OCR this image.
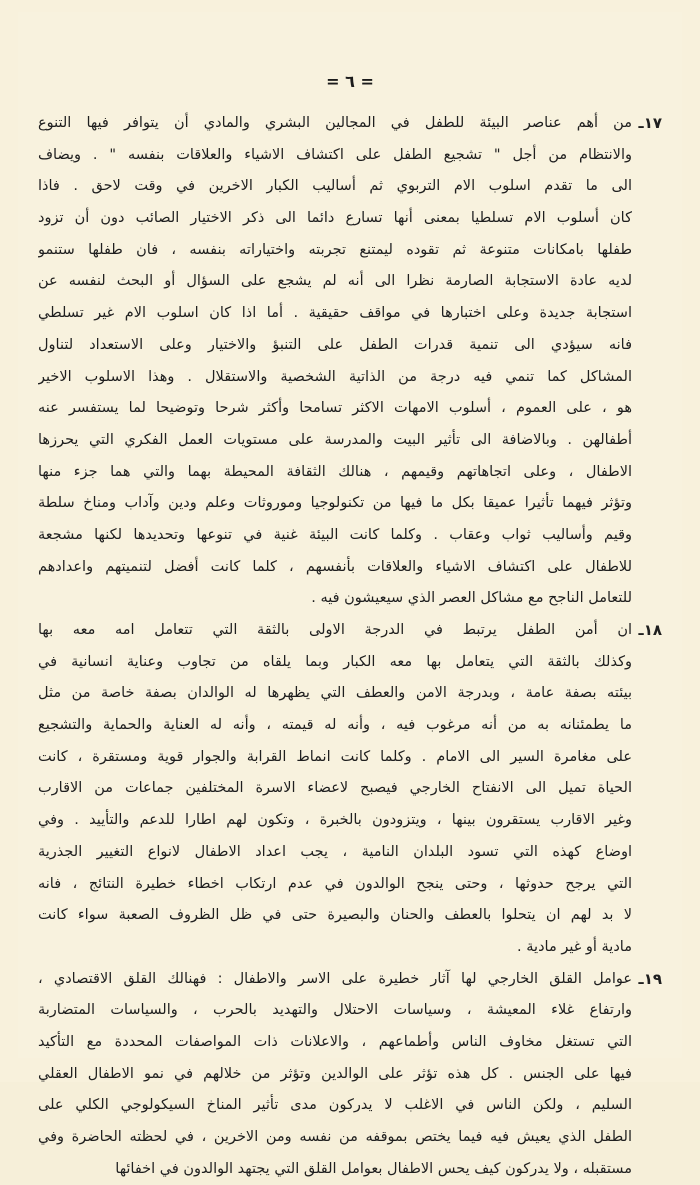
= ٦ =
١٧ـ
من أهم عناصر البيئة للطفل في المجالين البشري والمادي أن يتوافر فيها التنوع
والانتظام من أجل " تشجيع الطفل على اكتشاف الاشياء والعلاقات بنفسه " . ويضاف
الى ما تقدم اسلوب الام التربوي ثم أساليب الكبار الاخرين في وقت لاحق . فاذا
كان أسلوب الام تسلطيا بمعنى أنها تسارع دائما الى ذكر الاختيار الصائب دون أن تزود
طفلها بامكانات متنوعة ثم تقوده ليمتنع تجربته واختياراته بنفسه ، فان طفلها ستنمو
لديه عادة الاستجابة الصارمة نظرا الى أنه لم يشجع على السؤال أو البحث لنفسه عن
استجابة جديدة وعلى اختبارها في مواقف حقيقية . أما اذا كان اسلوب الام غير تسلطي
فانه سيؤدي الى تنمية قدرات الطفل على التنبؤ والاختيار وعلى الاستعداد لتناول
المشاكل كما تنمي فيه درجة من الذاتية الشخصية والاستقلال . وهذا الاسلوب الاخير
هو ، على العموم ، أسلوب الامهات الاكثر تسامحا وأكثر شرحا وتوضيحا لما يستفسر عنه
أطفالهن . وبالاضافة الى تأثير البيت والمدرسة على مستويات العمل الفكري التي يحرزها
الاطفال ، وعلى اتجاهاتهم وقيمهم ، هنالك الثقافة المحيطة بهما والتي هما جزء منها
وتؤثر فيهما تأثيرا عميقا بكل ما فيها من تكنولوجيا وموروثات وعلم ودين وآداب ومناخ سلطة
وقيم وأساليب ثواب وعقاب . وكلما كانت البيئة غنية في تنوعها وتحديدها لكنها مشجعة
للاطفال على اكتشاف الاشياء والعلاقات بأنفسهم ، كلما كانت أفضل لتنميتهم واعدادهم
للتعامل الناجح مع مشاكل العصر الذي سيعيشون فيه .
١٨ـ
ان أمن الطفل يرتبط في الدرجة الاولى بالثقة التي تتعامل امه معه بها
وكذلك بالثقة التي يتعامل بها معه الكبار وبما يلقاه من تجاوب وعناية انسانية في
بيئته بصفة عامة ، وبدرجة الامن والعطف التي يظهرها له الوالدان بصفة خاصة من مثل
ما يطمئنانه به من أنه مرغوب فيه ، وأنه له قيمته ، وأنه له العناية والحماية والتشجيع
على مغامرة السير الى الامام . وكلما كانت انماط القرابة والجوار قوية ومستقرة ، كانت
الحياة تميل الى الانفتاح الخارجي فيصبح لاعضاء الاسرة المختلفين جماعات من الاقارب
وغير الاقارب يستقرون بينها ، ويتزودون بالخبرة ، وتكون لهم اطارا للدعم والتأييد . وفي
اوضاع كهذه التي تسود البلدان النامية ، يجب اعداد الاطفال لانواع التغيير الجذرية
التي يرجح حدوثها ، وحتى ينجح الوالدون في عدم ارتكاب اخطاء خطيرة النتائج ، فانه
لا بد لهم ان يتحلوا بالعطف والحنان والبصيرة حتى في ظل الظروف الصعبة سواء كانت
مادية أو غير مادية .
١٩ـ
عوامل القلق الخارجي لها آثار خطيرة على الاسر والاطفال : فهنالك القلق الاقتصادي ،
وارتفاع غلاء المعيشة ، وسياسات الاحتلال والتهديد بالحرب ، والسياسات المتضاربة
التي تستغل مخاوف الناس وأطماعهم ، والاعلانات ذات المواصفات المحددة مع التأكيد
فيها على الجنس . كل هذه تؤثر على الوالدين وتؤثر من خلالهم في نمو الاطفال العقلي
السليم ، ولكن الناس في الاغلب لا يدركون مدى تأثير المناخ السيكولوجي الكلي على
الطفل الذي يعيش فيه فيما يختص بموقفه من نفسه ومن الاخرين ، في لحظته الحاضرة وفي
مستقبله ، ولا يدركون كيف يحس الاطفال بعوامل القلق التي يجتهد الوالدون في اخفائها
